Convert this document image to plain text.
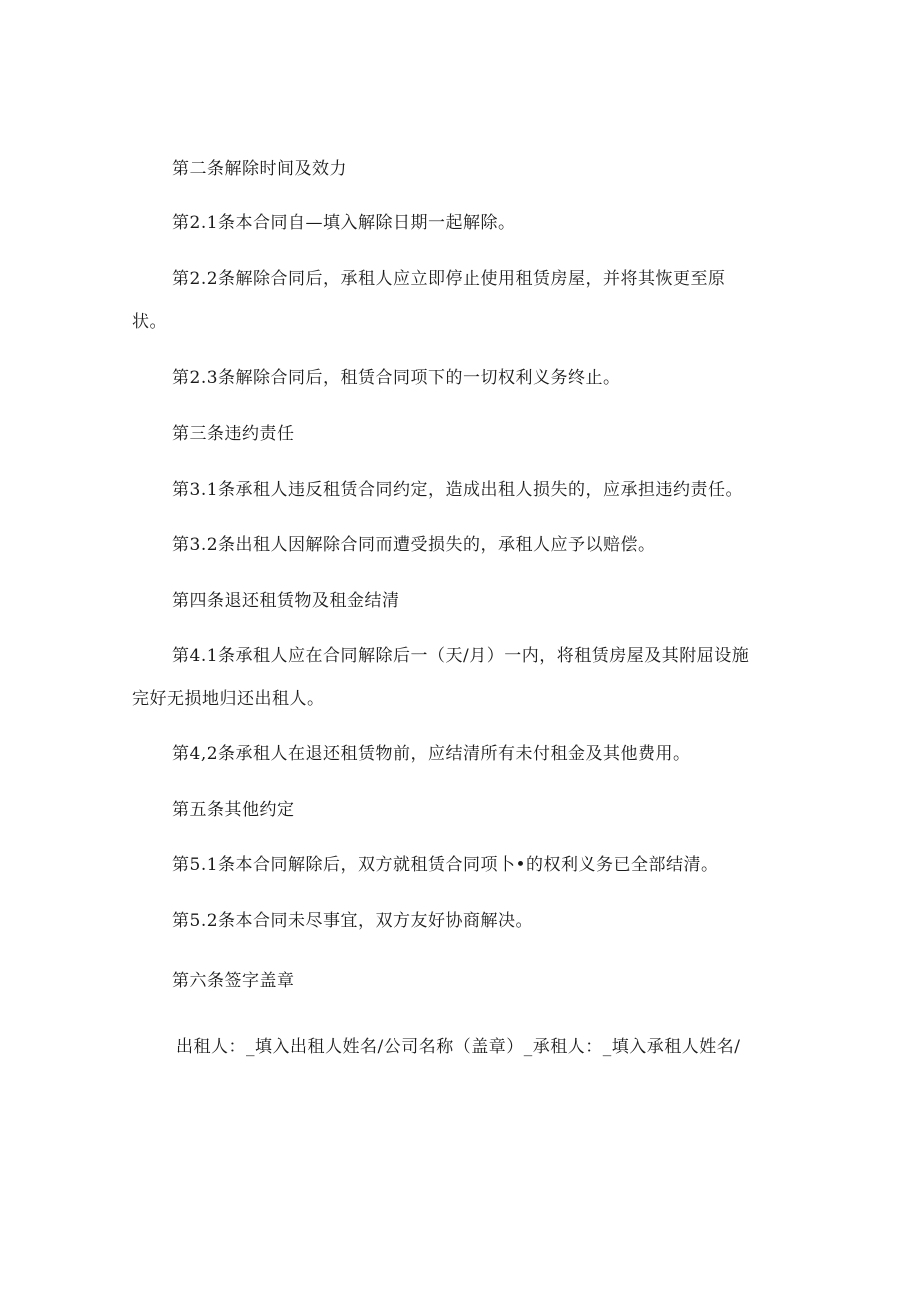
第二条解除时间及效力
第2.1条本合同自—填入解除日期一起解除。
第2.2条解除合同后，承租人应立即停止使用租赁房屋，并将其恢更至原
状。
第2.3条解除合同后，租赁合同项下的一切权利义务终止。
第三条违约责任
第3.1条承租人违反租赁合同约定，造成出租人损失的，应承担违约责任。
第3.2条出租人因解除合同而遭受损失的，承租人应予以赔偿。
第四条退还租赁物及租金结清
第4.1条承租人应在合同解除后一（天/月）一内，将租赁房屋及其附屈设施
完好无损地归还出租人。
第4,2条承租人在退还租赁物前，应结清所有未付租金及其他费用。
第五条其他约定
第5.1条本合同解除后，双方就租赁合同项卜•的权利义务已全部结清。
第5.2条本合同未尽事宜，双方友好协商解决。
第六条签字盖章
出租人：_填入出租人姓名/公司名称（盖章）_承租人：_填入承租人姓名/
